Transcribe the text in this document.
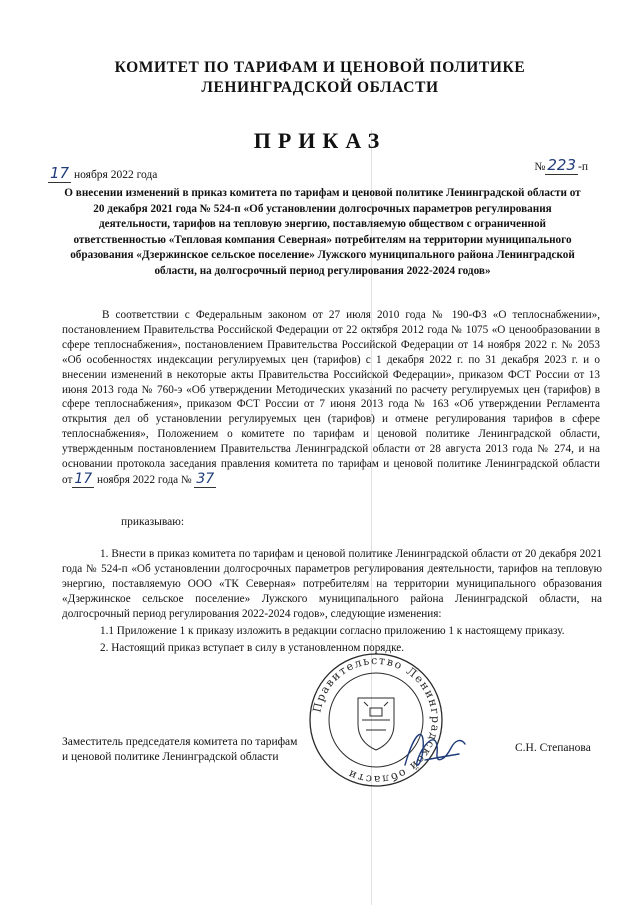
КОМИТЕТ ПО ТАРИФАМ И ЦЕНОВОЙ ПОЛИТИКЕ
ЛЕНИНГРАДСКОЙ ОБЛАСТИ
ПРИКАЗ
17 ноября 2022 года
№ 223 -п
О внесении изменений в приказ комитета по тарифам и ценовой политике Ленинградской области от 20 декабря 2021 года № 524-п «Об установлении долгосрочных параметров регулирования деятельности, тарифов на тепловую энергию, поставляемую обществом с ограниченной ответственностью «Тепловая компания Северная» потребителям на территории муниципального образования «Дзержинское сельское поселение» Лужского муниципального района Ленинградской области, на долгосрочный период регулирования 2022-2024 годов»

В соответствии с Федеральным законом от 27 июля 2010 года № 190-ФЗ «О теплоснабжении», постановлением Правительства Российской Федерации от 22 октября 2012 года № 1075 «О ценообразовании в сфере теплоснабжения», постановлением Правительства Российской Федерации от 14 ноября 2022 г. № 2053 «Об особенностях индексации регулируемых цен (тарифов) с 1 декабря 2022 г. по 31 декабря 2023 г. и о внесении изменений в некоторые акты Правительства Российской Федерации», приказом ФСТ России от 13 июня 2013 года № 760-э «Об утверждении Методических указаний по расчету регулируемых цен (тарифов) в сфере теплоснабжения», приказом ФСТ России от 7 июня 2013 года № 163 «Об утверждении Регламента открытия дел об установлении регулируемых цен (тарифов) и отмене регулирования тарифов в сфере теплоснабжения», Положением о комитете по тарифам и ценовой политике Ленинградской области, утвержденным постановлением Правительства Ленинградской области от 28 августа 2013 года № 274, и на основании протокола заседания правления комитета по тарифам и ценовой политике Ленинградской области от 17 ноября 2022 года № 37

приказываю:

1. Внести в приказ комитета по тарифам и ценовой политике Ленинградской области от 20 декабря 2021 года № 524-п «Об установлении долгосрочных параметров регулирования деятельности, тарифов на тепловую энергию, поставляемую ООО «ТК Северная» потребителям на территории муниципального образования «Дзержинское сельское поселение» Лужского муниципального района Ленинградской области, на долгосрочный период регулирования 2022-2024 годов», следующие изменения:

1.1 Приложение 1 к приказу изложить в редакции согласно приложению 1 к настоящему приказу.

2. Настоящий приказ вступает в силу в установленном порядке.

Заместитель председателя комитета по тарифам
и ценовой политике Ленинградской области
С.Н. Степанова
Правительство Ленинградской области
